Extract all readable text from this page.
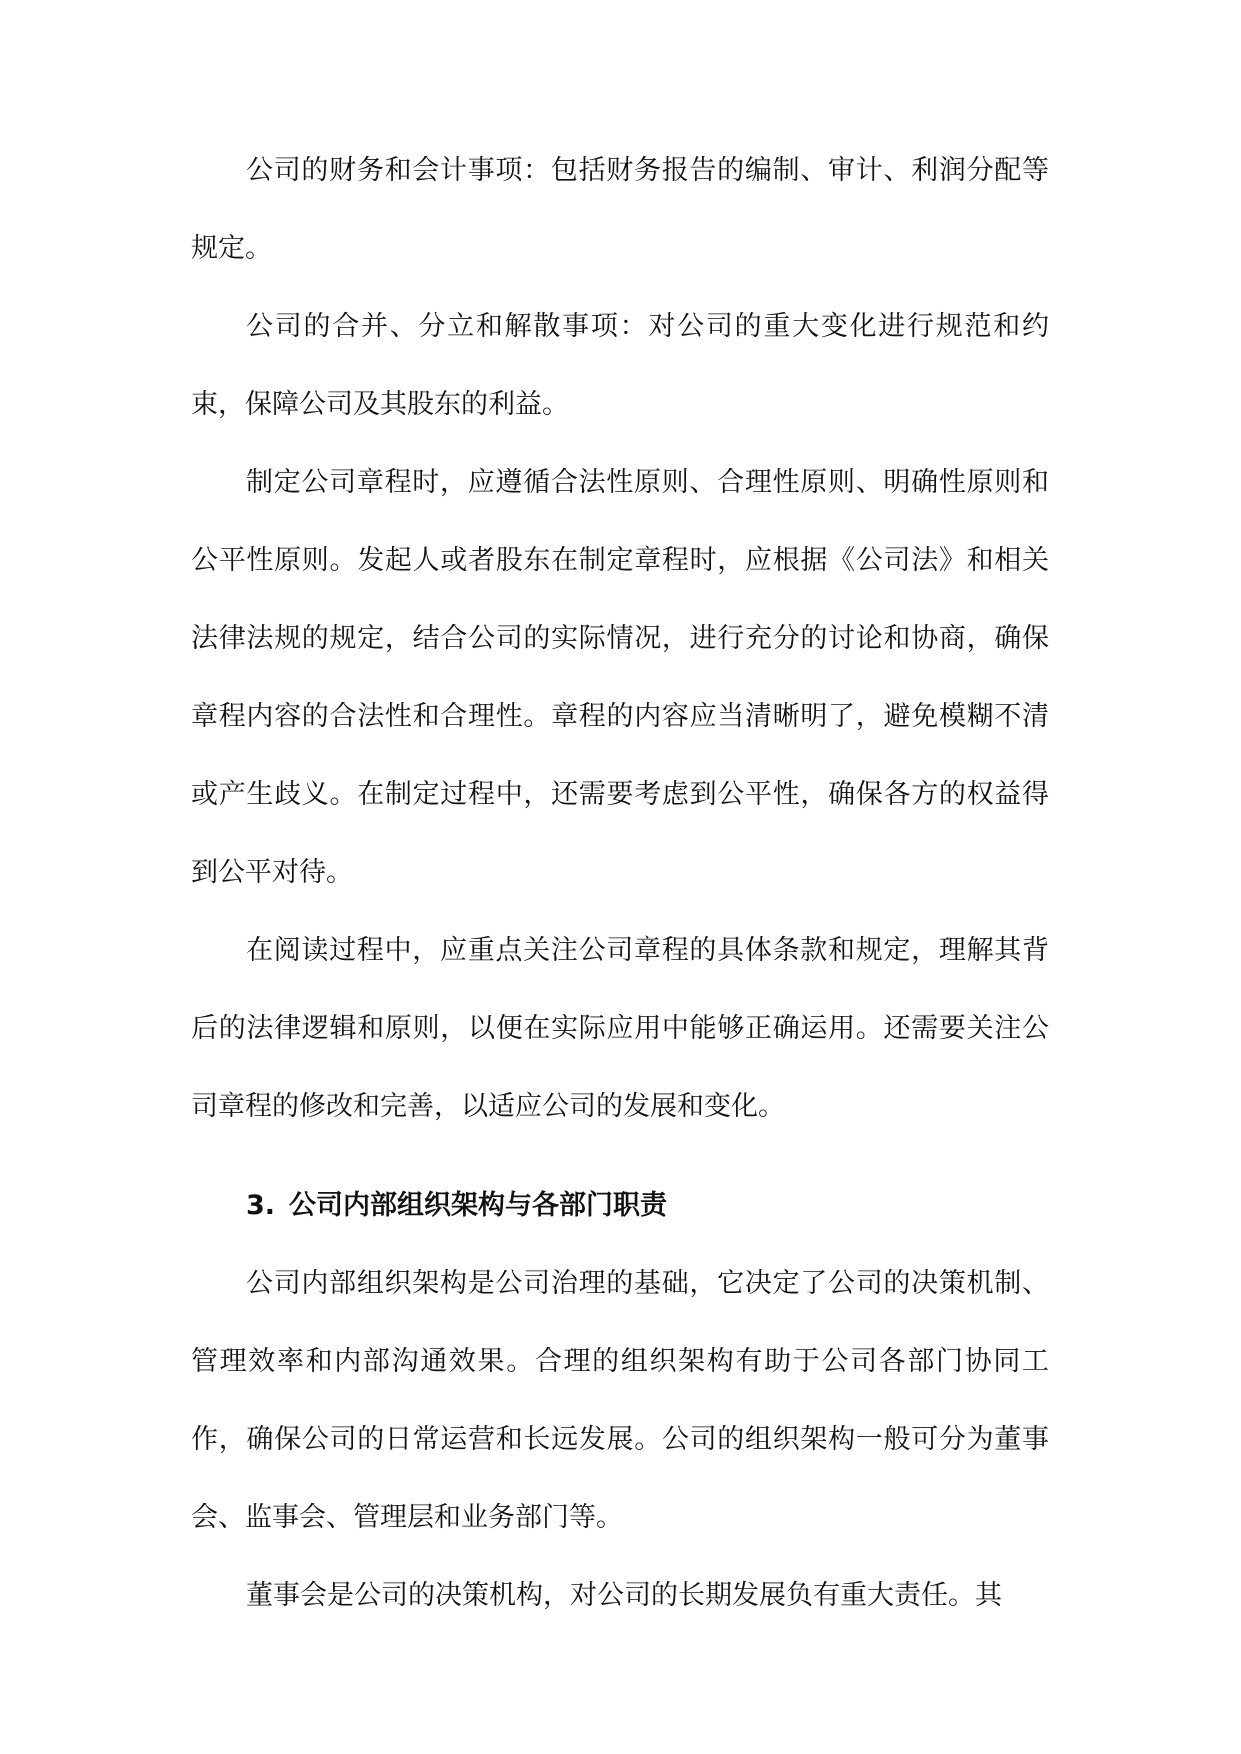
公司的财务和会计事项：包括财务报告的编制、审计、利润分配等规定。

公司的合并、分立和解散事项：对公司的重大变化进行规范和约束，保障公司及其股东的利益。

制定公司章程时，应遵循合法性原则、合理性原则、明确性原则和公平性原则。发起人或者股东在制定章程时，应根据《公司法》和相关法律法规的规定，结合公司的实际情况，进行充分的讨论和协商，确保章程内容的合法性和合理性。章程的内容应当清晰明了，避免模糊不清或产生歧义。在制定过程中，还需要考虑到公平性，确保各方的权益得到公平对待。

在阅读过程中，应重点关注公司章程的具体条款和规定，理解其背后的法律逻辑和原则，以便在实际应用中能够正确运用。还需要关注公司章程的修改和完善，以适应公司的发展和变化。

3. 公司内部组织架构与各部门职责

公司内部组织架构是公司治理的基础，它决定了公司的决策机制、管理效率和内部沟通效果。合理的组织架构有助于公司各部门协同工作，确保公司的日常运营和长远发展。公司的组织架构一般可分为董事会、监事会、管理层和业务部门等。

董事会是公司的决策机构，对公司的长期发展负有重大责任。其
